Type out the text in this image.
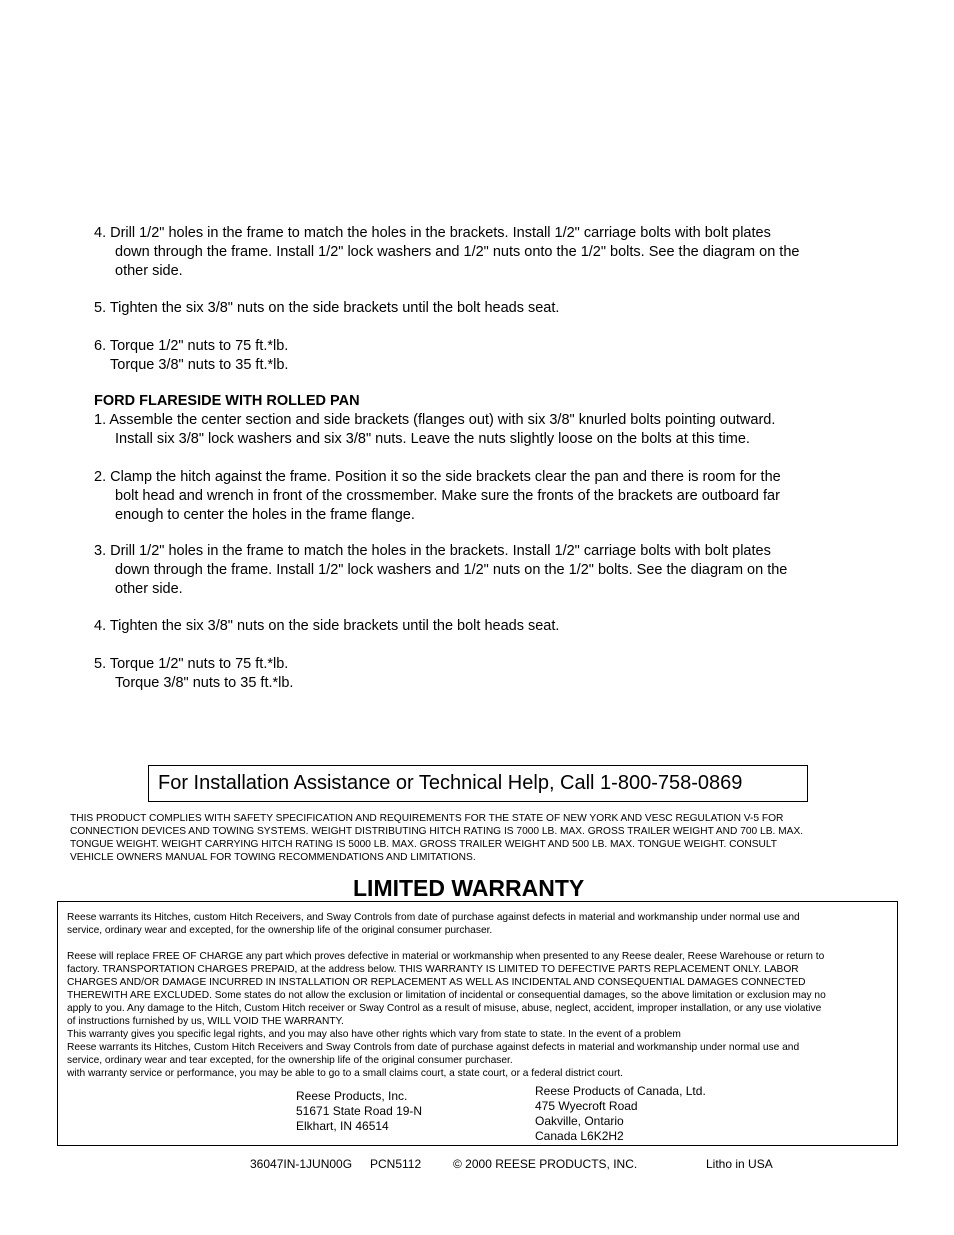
4. Drill 1/2" holes in the frame to match the holes in the brackets. Install 1/2" carriage bolts with bolt plates
down through the frame. Install 1/2" lock washers and 1/2" nuts onto the 1/2" bolts. See the diagram on the
other side.
5. Tighten the six 3/8" nuts on the side brackets until the bolt heads seat.
6. Torque 1/2" nuts to 75 ft.*lb.
Torque 3/8" nuts to 35 ft.*lb.
FORD FLARESIDE WITH ROLLED PAN
1. Assemble the center section and side brackets (flanges out) with six 3/8" knurled bolts pointing outward.
Install six 3/8" lock washers and six 3/8" nuts. Leave the nuts slightly loose on the bolts at this time.
2. Clamp the hitch against the frame. Position it so the side brackets clear the pan and there is room for the
bolt head and wrench in front of the crossmember. Make sure the fronts of the brackets are outboard far
enough to center the holes in the frame flange.
3. Drill 1/2" holes in the frame to match the holes in the brackets. Install 1/2" carriage bolts with bolt plates
down through the frame. Install 1/2" lock washers and 1/2" nuts on the 1/2" bolts. See the diagram on the
other side.
4. Tighten the six 3/8" nuts on the side brackets until the bolt heads seat.
5. Torque 1/2" nuts to 75 ft.*lb.
Torque 3/8" nuts to 35 ft.*lb.
For Installation Assistance or Technical Help, Call 1-800-758-0869
THIS PRODUCT COMPLIES WITH SAFETY SPECIFICATION AND REQUIREMENTS FOR THE STATE OF NEW YORK AND VESC REGULATION V-5 FOR
CONNECTION DEVICES AND TOWING SYSTEMS. WEIGHT DISTRIBUTING HITCH RATING IS 7000 LB. MAX. GROSS TRAILER WEIGHT AND 700 LB. MAX.
TONGUE WEIGHT. WEIGHT CARRYING HITCH RATING IS 5000 LB. MAX. GROSS TRAILER WEIGHT AND 500 LB. MAX. TONGUE WEIGHT. CONSULT
VEHICLE OWNERS MANUAL FOR TOWING RECOMMENDATIONS AND LIMITATIONS.
LIMITED WARRANTY
Reese warrants its Hitches, custom Hitch Receivers, and Sway Controls from date of purchase against defects in material and workmanship under normal use and
service, ordinary wear and excepted, for the ownership life of the original consumer purchaser.
Reese will replace FREE OF CHARGE any part which proves defective in material or workmanship when presented to any Reese dealer, Reese Warehouse or return to
factory. TRANSPORTATION CHARGES PREPAID, at the address below. THIS WARRANTY IS LIMITED TO DEFECTIVE PARTS REPLACEMENT ONLY. LABOR
CHARGES AND/OR DAMAGE INCURRED IN INSTALLATION OR REPLACEMENT AS WELL AS INCIDENTAL AND CONSEQUENTIAL DAMAGES CONNECTED
THEREWITH ARE EXCLUDED. Some states do not allow the exclusion or limitation of incidental or consequential damages, so the above limitation or exclusion may no
apply to you. Any damage to the Hitch, Custom Hitch receiver or Sway Control as a result of misuse, abuse, neglect, accident, improper installation, or any use violative
of instructions furnished by us, WILL VOID THE WARRANTY.
This warranty gives you specific legal rights, and you may also have other rights which vary from state to state. In the event of a problem
Reese warrants its Hitches, Custom Hitch Receivers and Sway Controls from date of purchase against defects in material and workmanship under normal use and
service, ordinary wear and tear excepted, for the ownership life of the original consumer purchaser.
with warranty service or performance, you may be able to go to a small claims court, a state court, or a federal district court.
Reese Products, Inc.
51671 State Road 19-N
Elkhart, IN 46514
Reese Products of Canada, Ltd.
475 Wyecroft Road
Oakville, Ontario
Canada L6K2H2
36047IN-1JUN00G PCN5112	© 2000 REESE PRODUCTS, INC.	Litho in USA
